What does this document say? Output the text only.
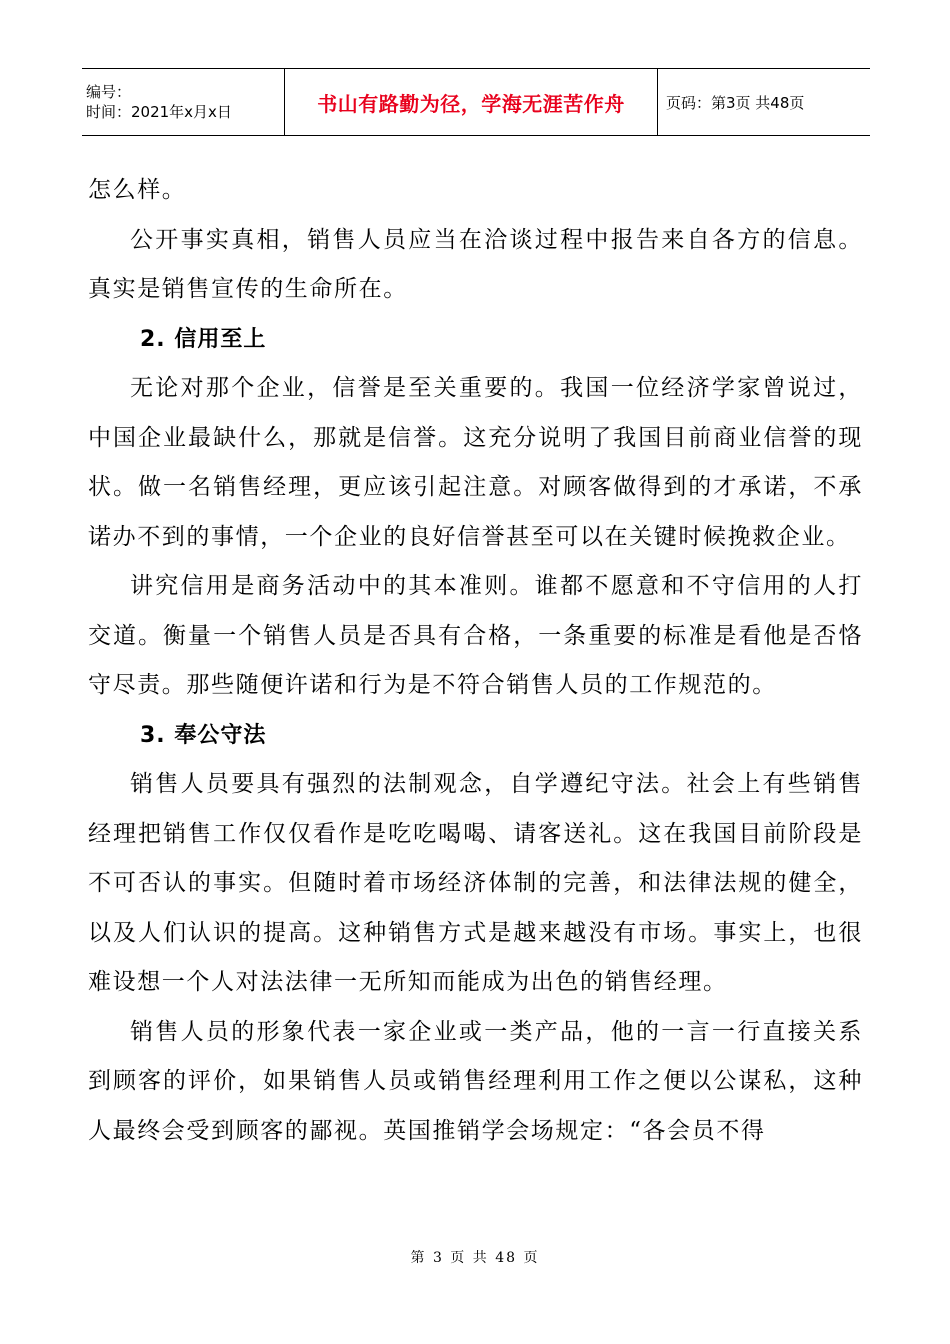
编号：
时间：2021年x月x日	书山有路勤为径，学海无涯苦作舟	页码：第3页 共48页

怎么样。

公开事实真相，销售人员应当在洽谈过程中报告来自各方的信息。真实是销售宣传的生命所在。

2. 信用至上

无论对那个企业，信誉是至关重要的。我国一位经济学家曾说过，中国企业最缺什么，那就是信誉。这充分说明了我国目前商业信誉的现状。做一名销售经理，更应该引起注意。对顾客做得到的才承诺，不承诺办不到的事情，一个企业的良好信誉甚至可以在关键时候挽救企业。

讲究信用是商务活动中的其本准则。谁都不愿意和不守信用的人打交道。衡量一个销售人员是否具有合格，一条重要的标准是看他是否恪守尽责。那些随便许诺和行为是不符合销售人员的工作规范的。

3. 奉公守法

销售人员要具有强烈的法制观念，自学遵纪守法。社会上有些销售经理把销售工作仅仅看作是吃吃喝喝、请客送礼。这在我国目前阶段是不可否认的事实。但随时着市场经济体制的完善，和法律法规的健全，以及人们认识的提高。这种销售方式是越来越没有市场。事实上，也很难设想一个人对法法律一无所知而能成为出色的销售经理。

销售人员的形象代表一家企业或一类产品，他的一言一行直接关系到顾客的评价，如果销售人员或销售经理利用工作之便以公谋私，这种人最终会受到顾客的鄙视。英国推销学会场规定：“各会员不得

第 3 页 共 48 页
